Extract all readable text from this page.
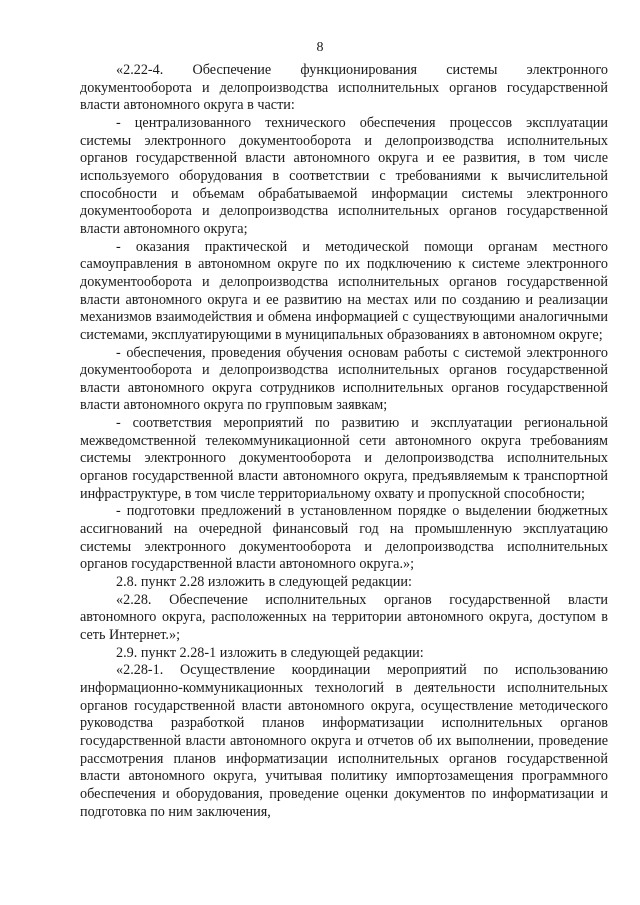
8

«2.22-4. Обеспечение функционирования системы электронного документооборота и делопроизводства исполнительных органов государственной власти автономного округа в части:

- централизованного технического обеспечения процессов эксплуатации системы электронного документооборота и делопроизводства исполнительных органов государственной власти автономного округа и ее развития, в том числе используемого оборудования в соответствии с требованиями к вычислительной способности и объемам обрабатываемой информации системы электронного документооборота и делопроизводства исполнительных органов государственной власти автономного округа;

- оказания практической и методической помощи органам местного самоуправления в автономном округе по их подключению к системе электронного документооборота и делопроизводства исполнительных органов государственной власти автономного округа и ее развитию на местах или по созданию и реализации механизмов взаимодействия и обмена информацией с существующими аналогичными системами, эксплуатирующими в муниципальных образованиях в автономном округе;

- обеспечения, проведения обучения основам работы с системой электронного документооборота и делопроизводства исполнительных органов государственной власти автономного округа сотрудников исполнительных органов государственной власти автономного округа по групповым заявкам;

- соответствия мероприятий по развитию и эксплуатации региональной межведомственной телекоммуникационной сети автономного округа требованиям системы электронного документооборота и делопроизводства исполнительных органов государственной власти автономного округа, предъявляемым к транспортной инфраструктуре, в том числе территориальному охвату и пропускной способности;

- подготовки предложений в установленном порядке о выделении бюджетных ассигнований на очередной финансовый год на промышленную эксплуатацию системы электронного документооборота и делопроизводства исполнительных органов государственной власти автономного округа.»;

2.8. пункт 2.28 изложить в следующей редакции:

«2.28. Обеспечение исполнительных органов государственной власти автономного округа, расположенных на территории автономного округа, доступом в сеть Интернет.»;

2.9. пункт 2.28-1 изложить в следующей редакции:

«2.28-1. Осуществление координации мероприятий по использованию информационно-коммуникационных технологий в деятельности исполнительных органов государственной власти автономного округа, осуществление методического руководства разработкой планов информатизации исполнительных органов государственной власти автономного округа и отчетов об их выполнении, проведение рассмотрения планов информатизации исполнительных органов государственной власти автономного округа, учитывая политику импортозамещения программного обеспечения и оборудования, проведение оценки документов по информатизации и подготовка по ним заключения,
